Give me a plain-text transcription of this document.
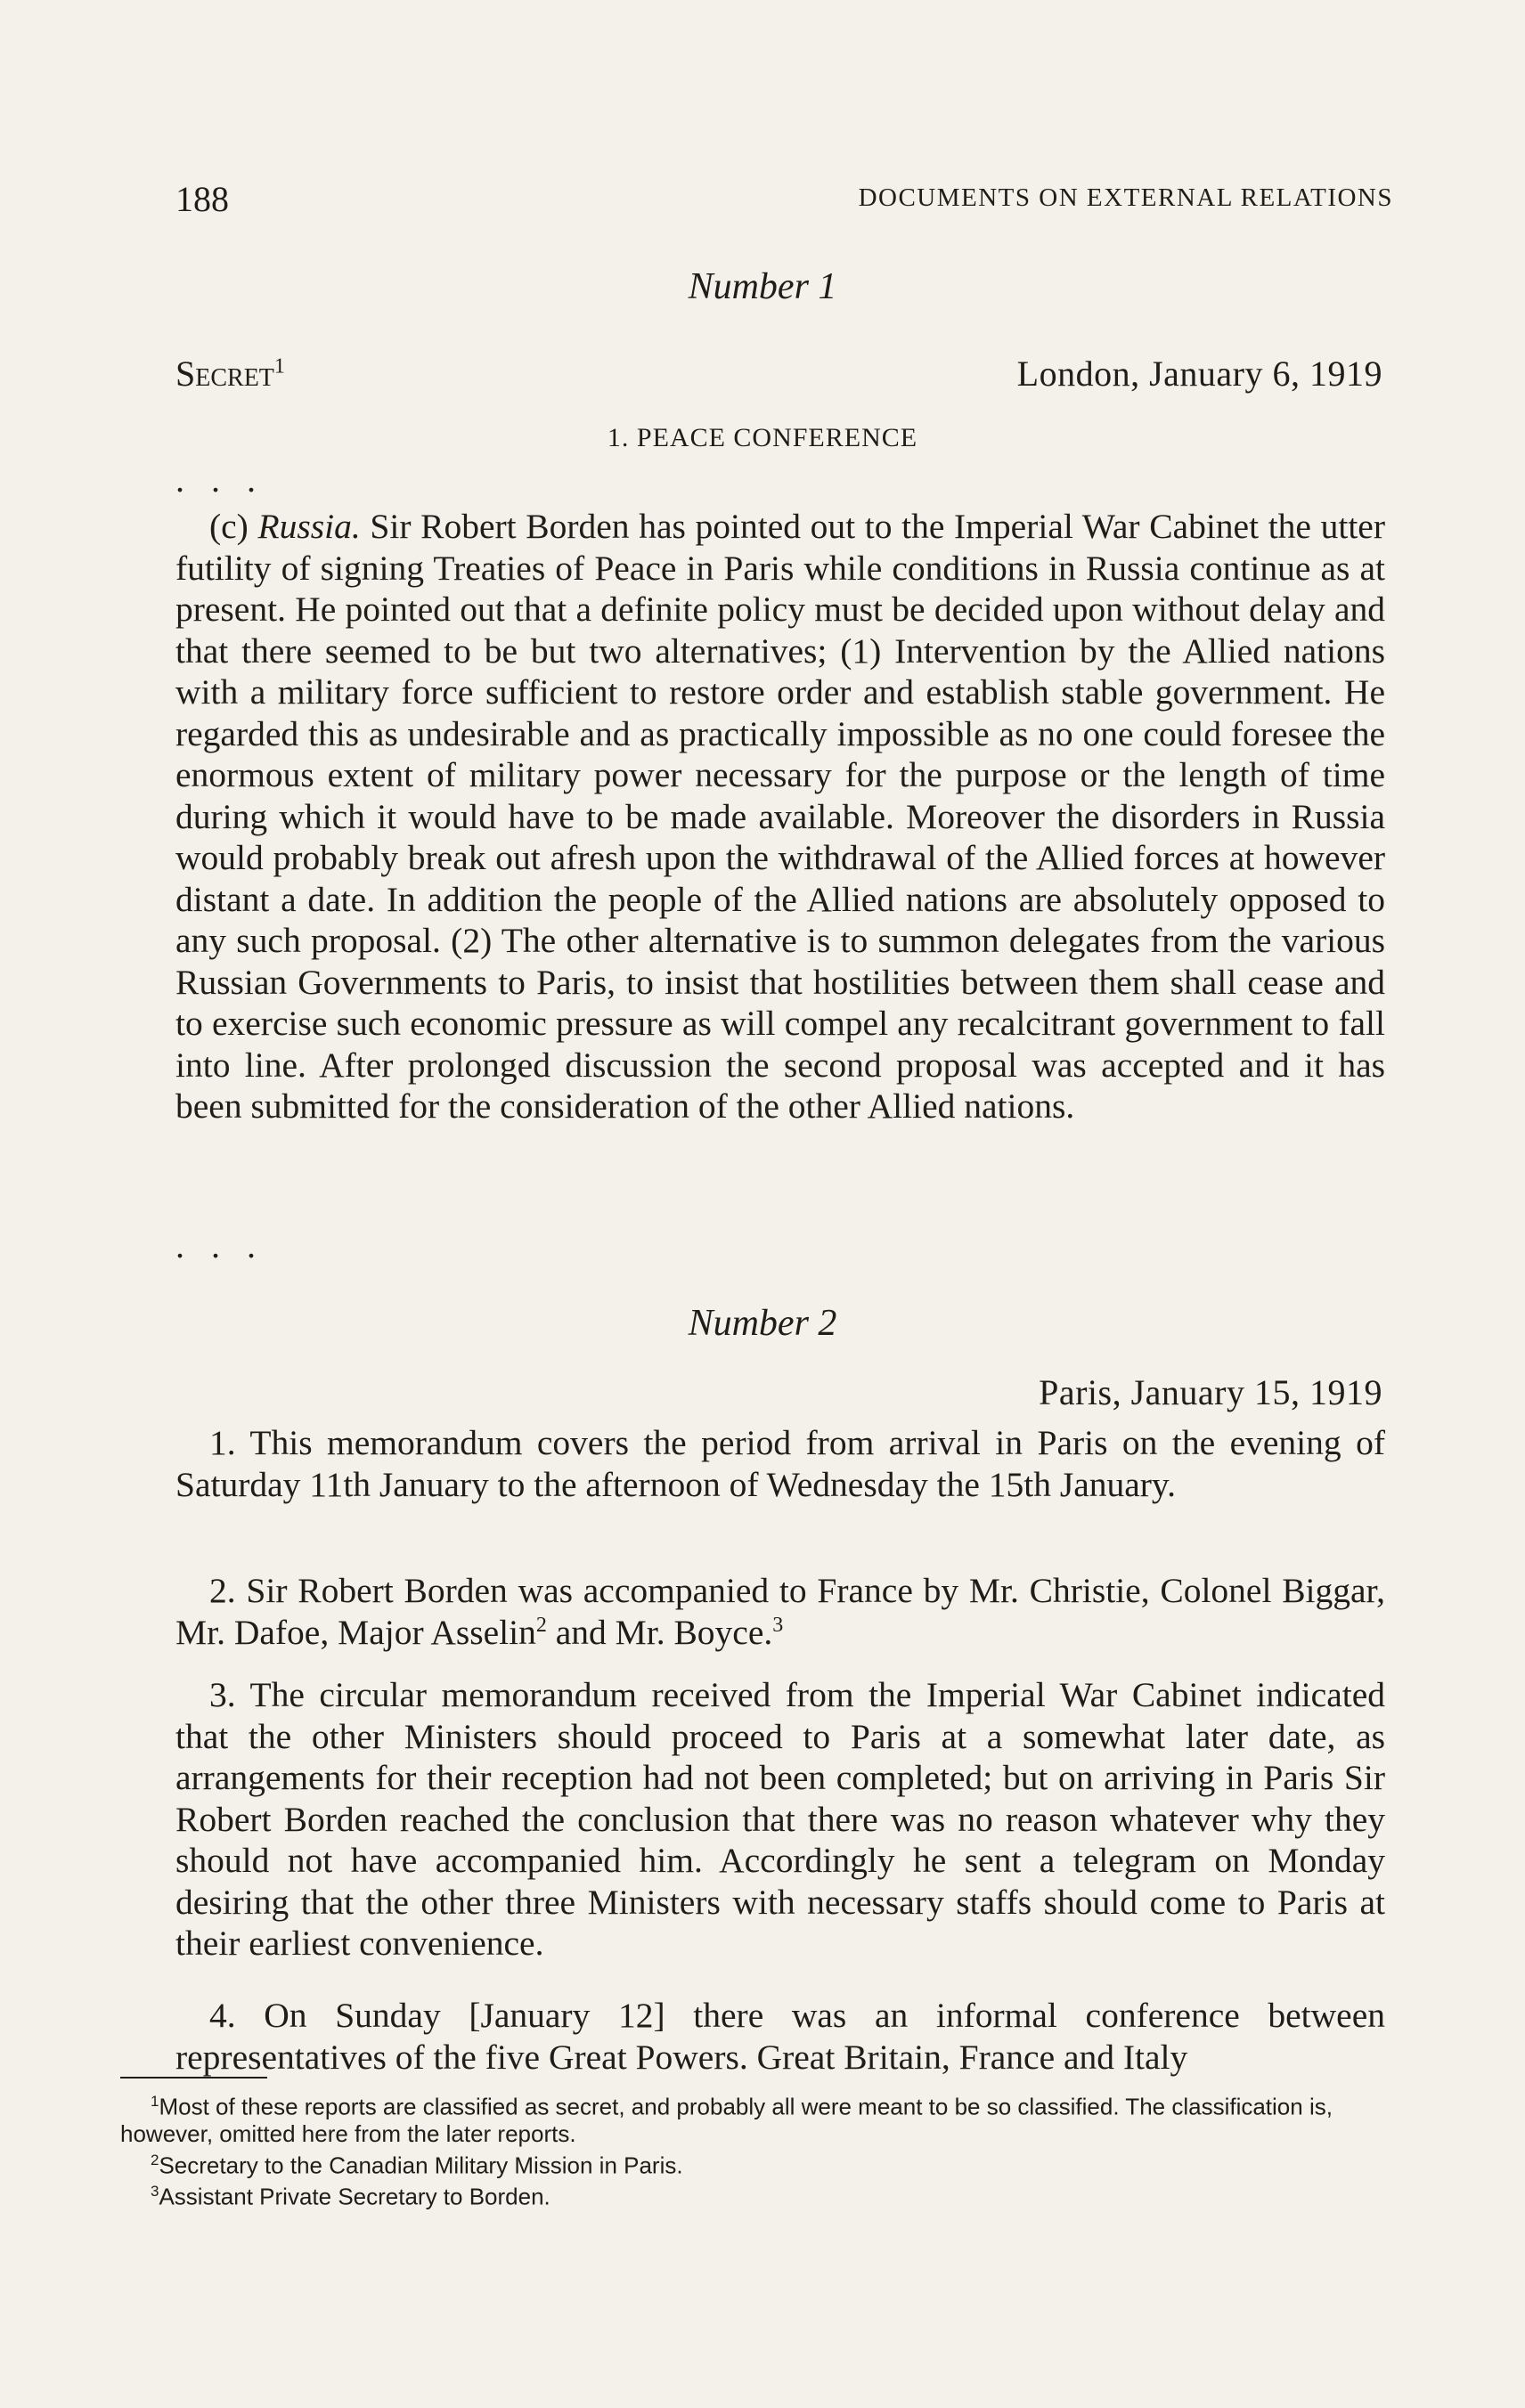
188	DOCUMENTS ON EXTERNAL RELATIONS
Number 1
Secret$^1$	London, January 6, 1919
1. PEACE CONFERENCE
. . .

(c) Russia. Sir Robert Borden has pointed out to the Imperial War Cabinet the utter futility of signing Treaties of Peace in Paris while conditions in Russia continue as at present. He pointed out that a definite policy must be decided upon without delay and that there seemed to be but two alternatives; (1) Intervention by the Allied nations with a military force sufficient to restore order and establish stable government. He regarded this as undesirable and as practically impossible as no one could foresee the enormous extent of military power necessary for the purpose or the length of time during which it would have to be made available. Moreover the disorders in Russia would probably break out afresh upon the withdrawal of the Allied forces at however distant a date. In addition the people of the Allied nations are absolutely opposed to any such proposal. (2) The other alternative is to summon delegates from the various Russian Governments to Paris, to insist that hostilities between them shall cease and to exercise such economic pressure as will compel any recalcitrant government to fall into line. After prolonged discussion the second proposal was accepted and it has been submitted for the consideration of the other Allied nations.

. . .
Number 2
Paris, January 15, 1919

1. This memorandum covers the period from arrival in Paris on the evening of Saturday 11th January to the afternoon of Wednesday the 15th January.

2. Sir Robert Borden was accompanied to France by Mr. Christie, Colonel Biggar, Mr. Dafoe, Major Asselin$^2$ and Mr. Boyce.$^3$

3. The circular memorandum received from the Imperial War Cabinet indicated that the other Ministers should proceed to Paris at a somewhat later date, as arrangements for their reception had not been completed; but on arriving in Paris Sir Robert Borden reached the conclusion that there was no reason whatever why they should not have accompanied him. Accordingly he sent a telegram on Monday desiring that the other three Ministers with necessary staffs should come to Paris at their earliest convenience.

4. On Sunday [January 12] there was an informal conference between representatives of the five Great Powers. Great Britain, France and Italy

$^1$Most of these reports are classified as secret, and probably all were meant to be so classified. The classification is, however, omitted here from the later reports.

$^2$Secretary to the Canadian Military Mission in Paris.

$^3$Assistant Private Secretary to Borden.
